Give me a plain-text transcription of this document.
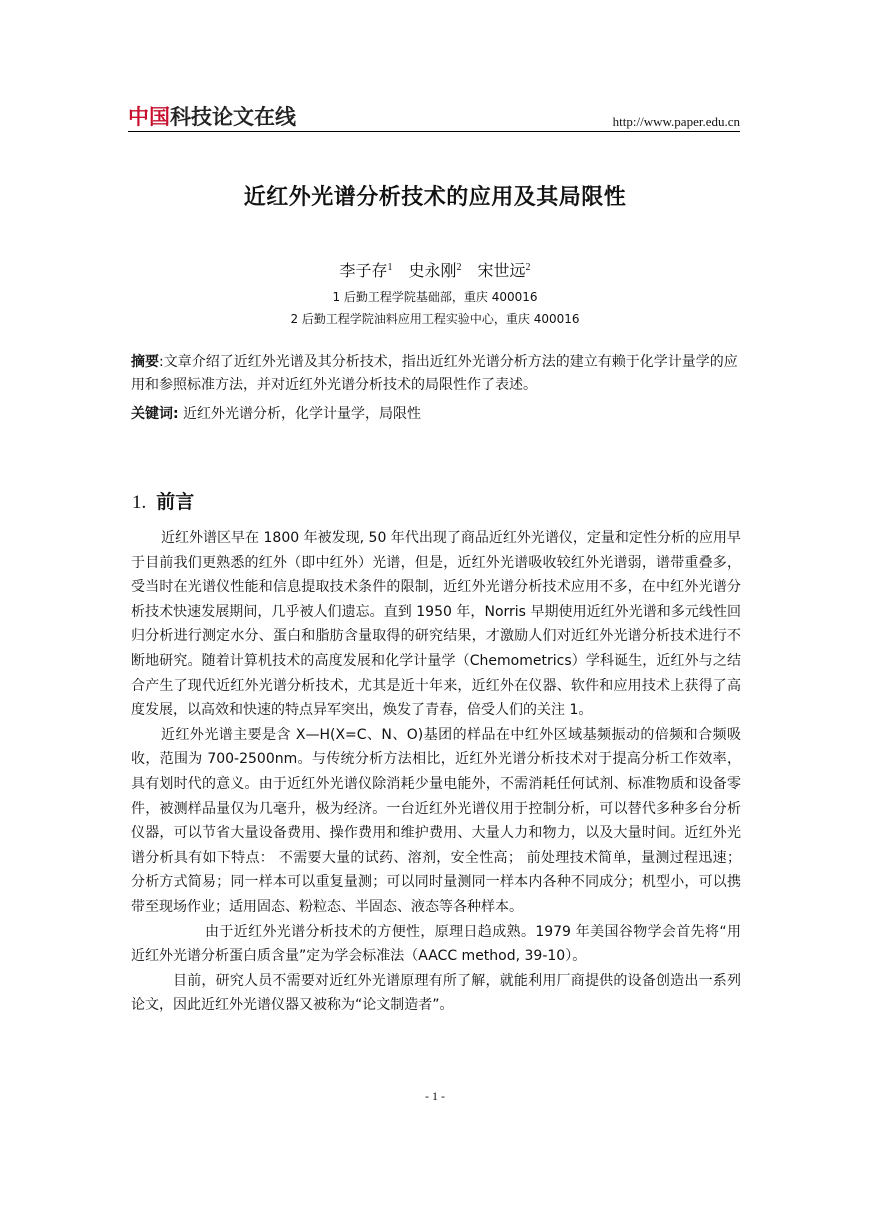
中国科技论文在线	http://www.paper.edu.cn
近红外光谱分析技术的应用及其局限性
李子存$^1$ 史永刚$^2$ 宋世远$^2$
1 后勤工程学院基础部，重庆 400016
2 后勤工程学院油料应用工程实验中心，重庆 400016
摘要:文章介绍了近红外光谱及其分析技术，指出近红外光谱分析方法的建立有赖于化学计量学的应用和参照标准方法，并对近红外光谱分析技术的局限性作了表述。
关键词: 近红外光谱分析，化学计量学，局限性
1. 前言

近红外谱区早在 1800 年被发现, 50 年代出现了商品近红外光谱仪，定量和定性分析的应用早于目前我们更熟悉的红外（即中红外）光谱，但是，近红外光谱吸收较红外光谱弱，谱带重叠多，受当时在光谱仪性能和信息提取技术条件的限制，近红外光谱分析技术应用不多，在中红外光谱分析技术快速发展期间，几乎被人们遗忘。直到 1950 年，Norris 早期使用近红外光谱和多元线性回归分析进行测定水分、蛋白和脂肪含量取得的研究结果，才激励人们对近红外光谱分析技术进行不断地研究。随着计算机技术的高度发展和化学计量学（Chemometrics）学科诞生，近红外与之结合产生了现代近红外光谱分析技术，尤其是近十年来，近红外在仪器、软件和应用技术上获得了高度发展，以高效和快速的特点异军突出，焕发了青春，倍受人们的关注 1。

近红外光谱主要是含 X—H(X=C、N、O)基团的样品在中红外区域基频振动的倍频和合频吸收，范围为 700-2500nm。与传统分析方法相比，近红外光谱分析技术对于提高分析工作效率，具有划时代的意义。由于近红外光谱仪除消耗少量电能外，不需消耗任何试剂、标准物质和设备零件，被测样品量仅为几毫升，极为经济。一台近红外光谱仪用于控制分析，可以替代多种多台分析仪器，可以节省大量设备费用、操作费用和维护费用、大量人力和物力，以及大量时间。近红外光谱分析具有如下特点： 不需要大量的试药、溶剂，安全性高； 前处理技术简单，量测过程迅速；分析方式简易；同一样本可以重复量测；可以同时量测同一样本内各种不同成分；机型小，可以携带至现场作业；适用固态、粉粒态、半固态、液态等各种样本。

由于近红外光谱分析技术的方便性，原理日趋成熟。1979 年美国谷物学会首先将“用近红外光谱分析蛋白质含量”定为学会标准法（AACC method, 39-10）。

目前，研究人员不需要对近红外光谱原理有所了解，就能利用厂商提供的设备创造出一系列论文，因此近红外光谱仪器又被称为“论文制造者”。

- 1 -
